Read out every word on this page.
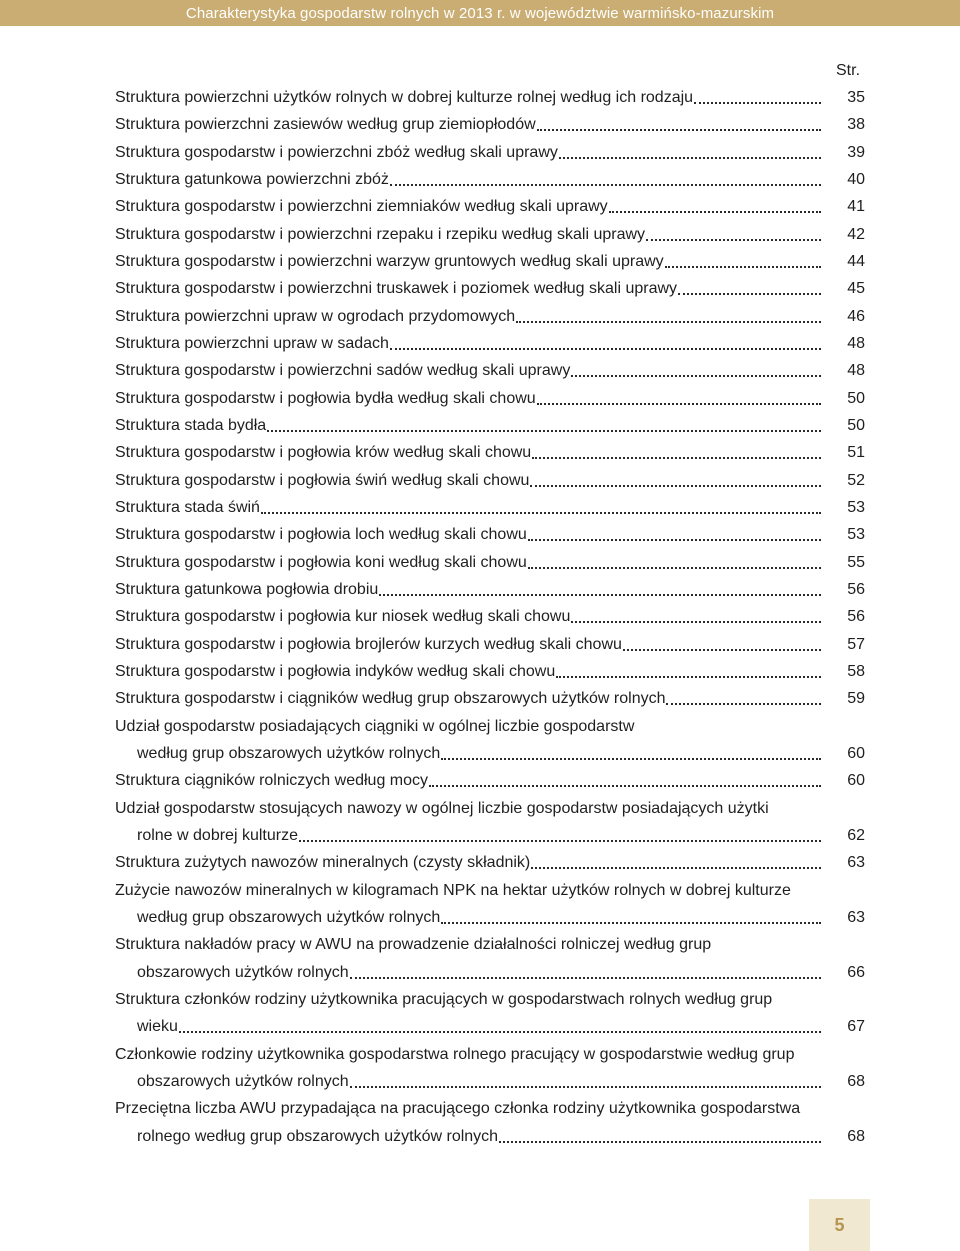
Charakterystyka gospodarstw rolnych w 2013 r. w województwie warmińsko-mazurskim
Str.
Struktura powierzchni użytków rolnych w dobrej kulturze rolnej według ich rodzaju	35
Struktura powierzchni zasiewów według grup ziemiopłodów	38
Struktura gospodarstw i powierzchni zbóż według skali uprawy	39
Struktura gatunkowa powierzchni zbóż	40
Struktura gospodarstw i powierzchni ziemniaków według skali uprawy	41
Struktura gospodarstw i powierzchni rzepaku i rzepiku według skali uprawy	42
Struktura gospodarstw i powierzchni warzyw gruntowych według skali uprawy	44
Struktura gospodarstw i powierzchni truskawek i poziomek według skali uprawy	45
Struktura powierzchni upraw w ogrodach przydomowych	46
Struktura powierzchni upraw w sadach	48
Struktura gospodarstw i powierzchni sadów według skali uprawy	48
Struktura gospodarstw i pogłowia bydła według skali chowu	50
Struktura stada bydła	50
Struktura gospodarstw i pogłowia krów według skali chowu	51
Struktura gospodarstw i pogłowia świń według skali chowu	52
Struktura stada świń	53
Struktura gospodarstw i pogłowia loch według skali chowu	53
Struktura gospodarstw i pogłowia koni według skali chowu	55
Struktura gatunkowa pogłowia drobiu	56
Struktura gospodarstw i pogłowia kur niosek według skali chowu	56
Struktura gospodarstw i pogłowia brojlerów kurzych według skali chowu	57
Struktura gospodarstw i pogłowia indyków według skali chowu	58
Struktura gospodarstw i ciągników według grup obszarowych użytków rolnych	59
Udział gospodarstw posiadających ciągniki w ogólnej liczbie gospodarstw
według grup obszarowych użytków rolnych	60
Struktura ciągników rolniczych według mocy	60
Udział gospodarstw stosujących nawozy w ogólnej liczbie gospodarstw posiadających użytki
rolne w dobrej kulturze	62
Struktura zużytych nawozów mineralnych (czysty składnik)	63
Zużycie nawozów mineralnych w kilogramach NPK na hektar użytków rolnych w dobrej kulturze
według grup obszarowych użytków rolnych	63
Struktura nakładów pracy w AWU na prowadzenie działalności rolniczej według grup
obszarowych użytków rolnych	66
Struktura członków rodziny użytkownika pracujących w gospodarstwach rolnych według grup
wieku	67
Członkowie rodziny użytkownika gospodarstwa rolnego pracujący w gospodarstwie według grup
obszarowych użytków rolnych	68
Przeciętna liczba AWU przypadająca na pracującego członka rodziny użytkownika gospodarstwa
rolnego według grup obszarowych użytków rolnych	68
5
